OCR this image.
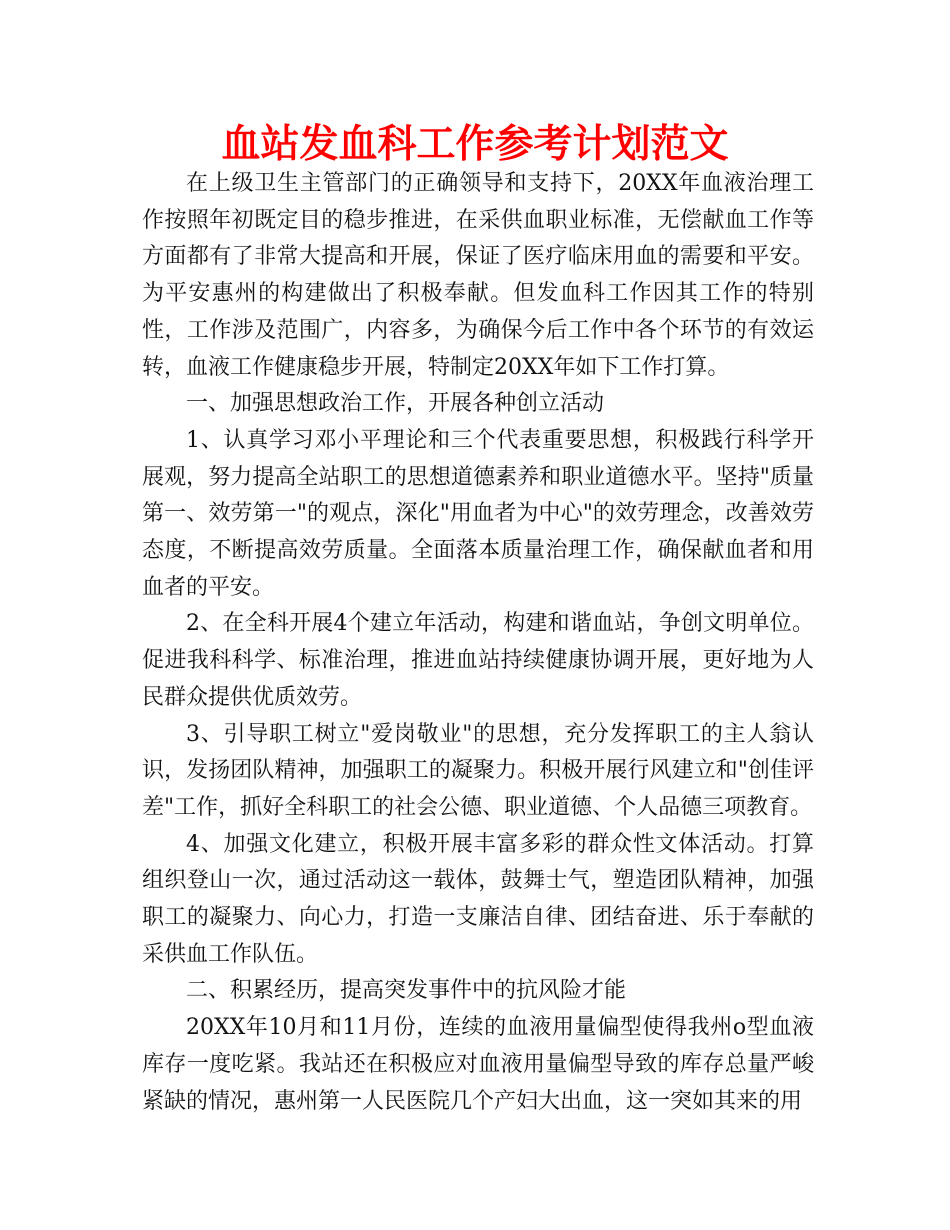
血站发血科工作参考计划范文

在上级卫生主管部门的正确领导和支持下，20XX年血液治理工作按照年初既定目的稳步推进，在采供血职业标准，无偿献血工作等方面都有了非常大提高和开展，保证了医疗临床用血的需要和平安。为平安惠州的构建做出了积极奉献。但发血科工作因其工作的特别性，工作涉及范围广，内容多，为确保今后工作中各个环节的有效运转，血液工作健康稳步开展，特制定20XX年如下工作打算。

一、加强思想政治工作，开展各种创立活动

1、认真学习邓小平理论和三个代表重要思想，积极践行科学开展观，努力提高全站职工的思想道德素养和职业道德水平。坚持"质量第一、效劳第一"的观点，深化"用血者为中心"的效劳理念，改善效劳态度，不断提高效劳质量。全面落本质量治理工作，确保献血者和用血者的平安。

2、在全科开展4个建立年活动，构建和谐血站，争创文明单位。促进我科科学、标准治理，推进血站持续健康协调开展，更好地为人民群众提供优质效劳。

3、引导职工树立"爱岗敬业"的思想，充分发挥职工的主人翁认识，发扬团队精神，加强职工的凝聚力。积极开展行风建立和"创佳评差"工作，抓好全科职工的社会公德、职业道德、个人品德三项教育。

4、加强文化建立，积极开展丰富多彩的群众性文体活动。打算组织登山一次，通过活动这一载体，鼓舞士气，塑造团队精神，加强职工的凝聚力、向心力，打造一支廉洁自律、团结奋进、乐于奉献的采供血工作队伍。

二、积累经历，提高突发事件中的抗风险才能

20XX年10月和11月份，连续的血液用量偏型使得我州o型血液库存一度吃紧。我站还在积极应对血液用量偏型导致的库存总量严峻紧缺的情况，惠州第一人民医院几个产妇大出血，这一突如其来的用
